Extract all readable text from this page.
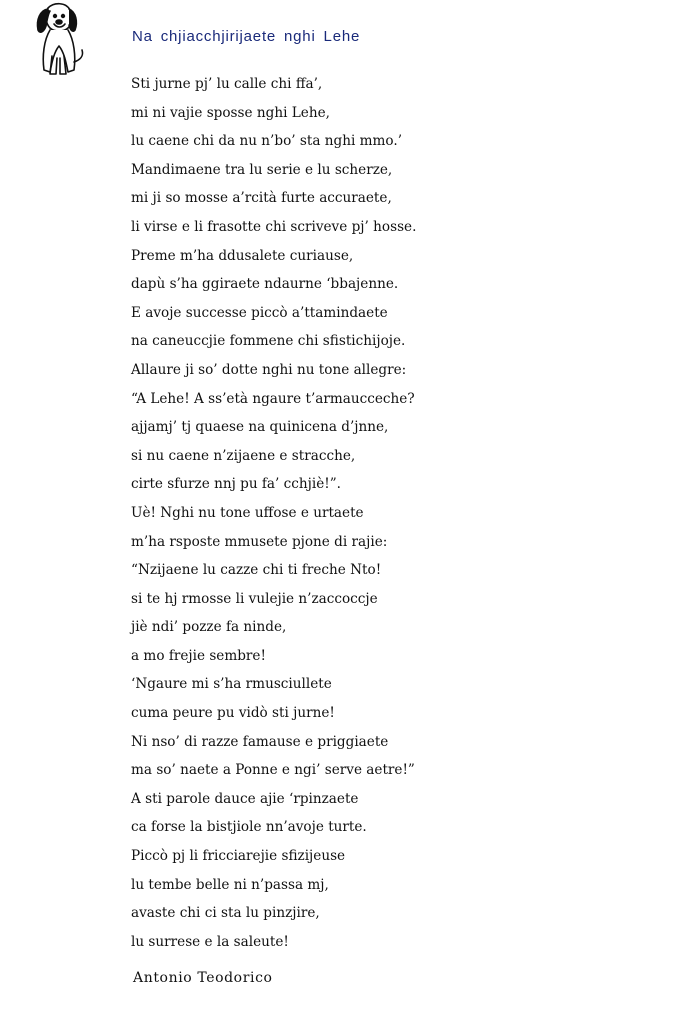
Na chjiacchjirijaete nghi Lehe
Sti jurne pj’ lu calle chi ffa’,
mi ni vajie sposse nghi Lehe,
lu caene chi da nu n’bo’ sta nghi mmo.’
Mandimaene tra lu serie e lu scherze,
mi ji so mosse a’rcità furte accuraete,
li virse e li frasotte chi scriveve pj’ hosse.
Preme m’ha ddusalete curiause,
dapù s’ha ggiraete ndaurne ‘bbajenne.
E avoje successe piccò a’ttamindaete
na caneuccjie fommene chi sfistichijoje.
Allaure ji so’ dotte nghi nu tone allegre:
“A Lehe! A ss’età ngaure t’armaucceche?
ajjamj’ tj quaese na quinicena d’jnne,
si nu caene n’zijaene e stracche,
cirte sfurze nnj pu fa’ cchjiè!”.
Uè! Nghi nu tone uffose e urtaete
m’ha rsposte mmusete pjone di rajie:
“Nzijaene lu cazze chi ti freche Nto!
si te hj rmosse li vulejie n’zaccoccje
jiè ndi’ pozze fa ninde,
a mo frejie sembre!
‘Ngaure mi s’ha rmusciullete
cuma peure pu vidò sti jurne!
Ni nso’ di razze famause e priggiaete
ma so’ naete a Ponne e ngi’ serve aetre!”
A sti parole dauce ajie ‘rpinzaete
ca forse la bistjiole nn’avoje turte.
Piccò pj li fricciarejie sfizijeuse
lu tembe belle ni n’passa mj,
avaste chi ci sta lu pinzjire,
lu surrese e la saleute!
Antonio Teodorico
